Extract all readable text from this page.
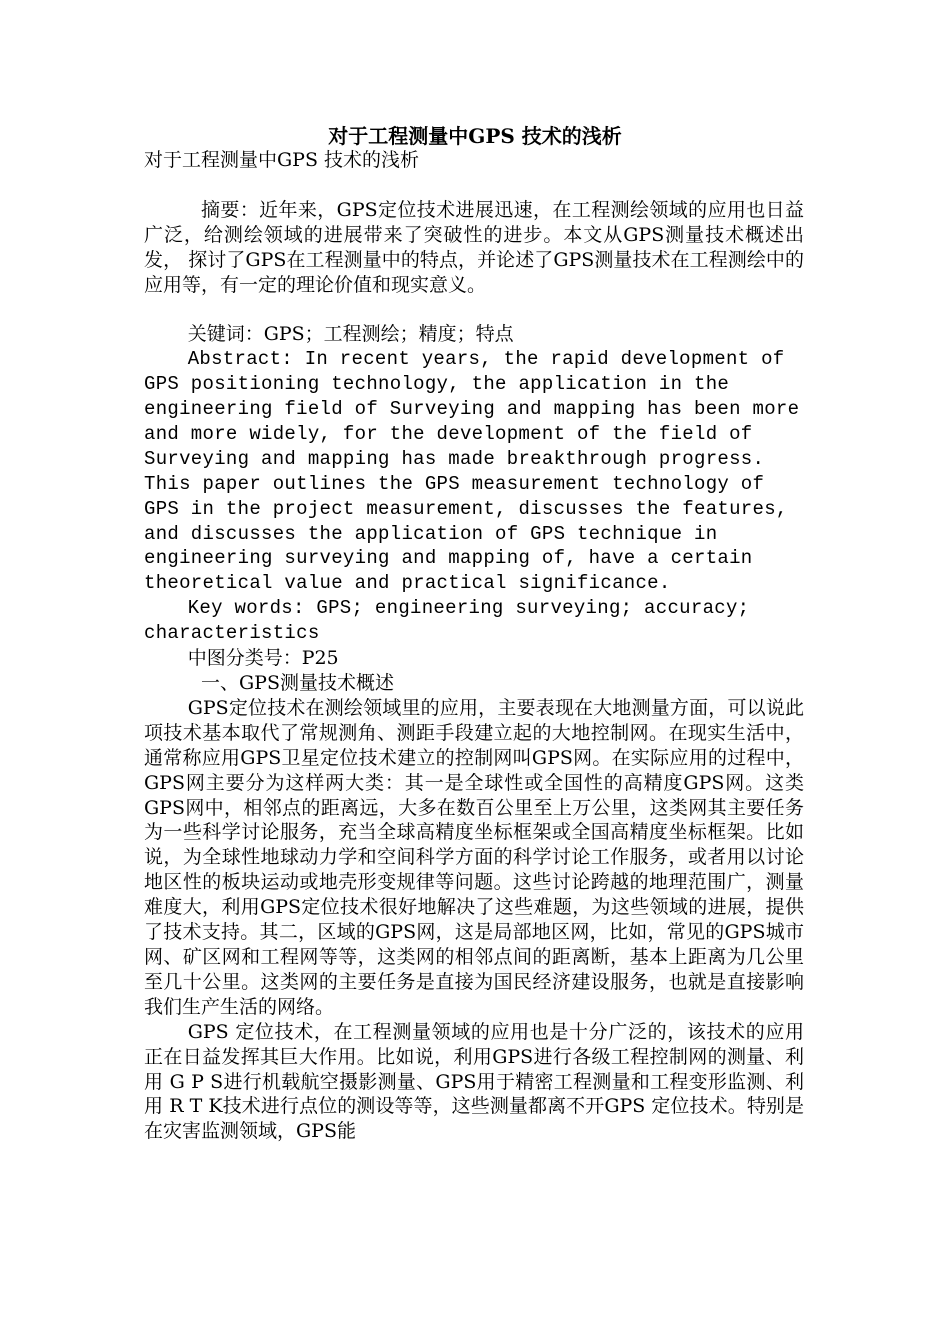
对于工程测量中GPS 技术的浅析

对于工程测量中GPS 技术的浅析

摘要：近年来，GPS定位技术进展迅速，在工程测绘领域的应用也日益广泛，给测绘领域的进展带来了突破性的进步。本文从GPS测量技术概述出发， 探讨了GPS在工程测量中的特点，并论述了GPS测量技术在工程测绘中的应用等，有一定的理论价值和现实意义。

关键词：GPS；工程测绘；精度；特点

Abstract: In recent years, the rapid development of GPS positioning technology, the application in the engineering field of Surveying and mapping has been more and more widely, for the development of the field of Surveying and mapping has made breakthrough progress. This paper outlines the GPS measurement technology of GPS in the project measurement, discusses the features, and discusses the application of GPS technique in engineering surveying and mapping of, have a certain theoretical value and practical significance.

Key words: GPS; engineering surveying; accuracy; characteristics

中图分类号：P25

一、GPS测量技术概述

GPS定位技术在测绘领域里的应用，主要表现在大地测量方面，可以说此项技术基本取代了常规测角、测距手段建立起的大地控制网。在现实生活中，通常称应用GPS卫星定位技术建立的控制网叫GPS网。在实际应用的过程中，GPS网主要分为这样两大类：其一是全球性或全国性的高精度GPS网。这类GPS网中，相邻点的距离远，大多在数百公里至上万公里，这类网其主要任务为一些科学讨论服务，充当全球高精度坐标框架或全国高精度坐标框架。比如说，为全球性地球动力学和空间科学方面的科学讨论工作服务，或者用以讨论地区性的板块运动或地壳形变规律等问题。这些讨论跨越的地理范围广，测量难度大，利用GPS定位技术很好地解决了这些难题，为这些领域的进展，提供了技术支持。其二，区域的GPS网，这是局部地区网，比如，常见的GPS城市网、矿区网和工程网等等，这类网的相邻点间的距离断，基本上距离为几公里至几十公里。这类网的主要任务是直接为国民经济建设服务，也就是直接影响我们生产生活的网络。

GPS 定位技术，在工程测量领域的应用也是十分广泛的，该技术的应用正在日益发挥其巨大作用。比如说，利用GPS进行各级工程控制网的测量、利用 G P S进行机载航空摄影测量、GPS用于精密工程测量和工程变形监测、利用 R T K技术进行点位的测设等等，这些测量都离不开GPS 定位技术。特别是在灾害监测领域，GPS能
